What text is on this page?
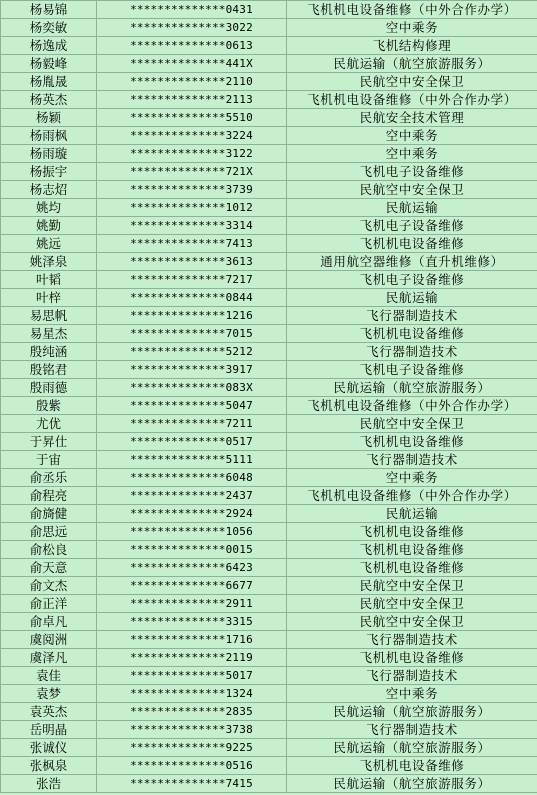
杨易锦	**************0431	飞机机电设备维修（中外合作办学）
杨奕敏	**************3022	空中乘务
杨逸成	**************0613	飞机结构修理
杨毅峰	**************441X	民航运输（航空旅游服务）
杨胤晟	**************2110	民航空中安全保卫
杨英杰	**************2113	飞机机电设备维修（中外合作办学）
杨颖	**************5510	民航安全技术管理
杨雨枫	**************3224	空中乘务
杨雨璇	**************3122	空中乘务
杨振宇	**************721X	飞机电子设备维修
杨志炤	**************3739	民航空中安全保卫
姚均	**************1012	民航运输
姚勤	**************3314	飞机电子设备维修
姚远	**************7413	飞机机电设备维修
姚泽泉	**************3613	通用航空器维修（直升机维修）
叶韬	**************7217	飞机电子设备维修
叶梓	**************0844	民航运输
易思帆	**************1216	飞行器制造技术
易星杰	**************7015	飞机机电设备维修
殷纯涵	**************5212	飞行器制造技术
殷铭君	**************3917	飞机电子设备维修
殷雨德	**************083X	民航运输（航空旅游服务）
殷紫	**************5047	飞机机电设备维修（中外合作办学）
尤优	**************7211	民航空中安全保卫
于昇仕	**************0517	飞机机电设备维修
于宙	**************5111	飞行器制造技术
俞丞乐	**************6048	空中乘务
俞程亮	**************2437	飞机机电设备维修（中外合作办学）
俞旖健	**************2924	民航运输
俞思远	**************1056	飞机机电设备维修
俞松良	**************0015	飞机机电设备维修
俞天意	**************6423	飞机机电设备维修
俞文杰	**************6677	民航空中安全保卫
俞正洋	**************2911	民航空中安全保卫
俞卓凡	**************3315	民航空中安全保卫
虞阅洲	**************1716	飞行器制造技术
虞泽凡	**************2119	飞机机电设备维修
袁佳	**************5017	飞行器制造技术
袁梦	**************1324	空中乘务
袁英杰	**************2835	民航运输（航空旅游服务）
岳明晶	**************3738	飞行器制造技术
张诚仪	**************9225	民航运输（航空旅游服务）
张枫泉	**************0516	飞机机电设备维修
张浩	**************7415	民航运输（航空旅游服务）
